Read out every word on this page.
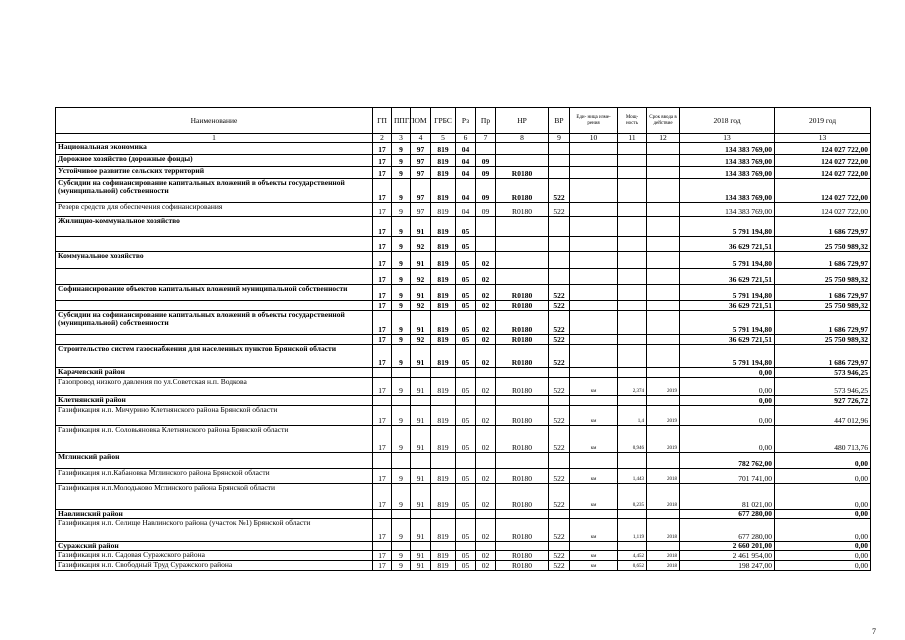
Наименование	ГП	ППГП	ОМ	ГРБС	Рз	Пр	НР	ВР	Еди- ница изме- рения	Мощ- ность	Срок ввода в действие	2018 год	2019 год
1	2	3	4	5	6	7	8	9	10	11	12	13	13
Национальная экономика	17	9	97	819	04							134 383 769,00	124 027 722,00
Дорожное хозяйство (дорожные фонды)	17	9	97	819	04	09						134 383 769,00	124 027 722,00
Устойчивое развитие сельских территорий	17	9	97	819	04	09	R0180					134 383 769,00	124 027 722,00
Субсидии на софинансирование капитальных вложений в объекты государственной (муниципальной) собственности	17	9	97	819	04	09	R0180	522				134 383 769,00	124 027 722,00
Резерв средств для обеспечения софинансирования	17	9	97	819	04	09	R0180	522				134 383 769,00	124 027 722,00
Жилищно-коммунальное хозяйство	17	9	91	819	05							5 791 194,80	1 686 729,97
	17	9	92	819	05							36 629 721,51	25 750 989,32
Коммунальное хозяйство	17	9	91	819	05	02						5 791 194,80	1 686 729,97
	17	9	92	819	05	02						36 629 721,51	25 750 989,32
Софинансирование объектов капитальных вложений муниципальной собственности	17	9	91	819	05	02	R0180	522				5 791 194,80	1 686 729,97
	17	9	92	819	05	02	R0180	522				36 629 721,51	25 750 989,32
Субсидии на софинансирование капитальных вложений в объекты государственной (муниципальной) собственности	17	9	91	819	05	02	R0180	522				5 791 194,80	1 686 729,97
	17	9	92	819	05	02	R0180	522				36 629 721,51	25 750 989,32
Строительство систем газоснабжения для населенных пунктов Брянской области	17	9	91	819	05	02	R0180	522				5 791 194,80	1 686 729,97
Карачевский район												0,00	573 946,25
Газопровод низкого давления по ул.Советская н.п. Водкова	17	9	91	819	05	02	R0180	522	км	2,374	2019	0,00	573 946,25
Клетнянский район												0,00	927 726,72
Газификация н.п. Мичурино Клетнянского района Брянской области	17	9	91	819	05	02	R0180	522	км	1,4	2019	0,00	447 012,96
Газификация н.п. Соловьяновка Клетнянского района Брянской области	17	9	91	819	05	02	R0180	522	км	0,946	2019	0,00	480 713,76
Мглинский район												782 762,00	0,00
Газификация н.п.Кабановка Мглинского района Брянской области	17	9	91	819	05	02	R0180	522	км	1,443	2018	701 741,00	0,00
Газификация н.п.Молодьково Мглинского района Брянской области	17	9	91	819	05	02	R0180	522	км	0,235	2018	81 021,00	0,00
Навлинский район												677 280,00	0,00
Газификация н.п. Селище Навлинского района (участок №1) Брянской области	17	9	91	819	05	02	R0180	522	км	1,119	2018	677 280,00	0,00
Суражский район												2 660 201,00	0,00
Газификация н.п. Садовая Суражского района	17	9	91	819	05	02	R0180	522	км	4,452	2018	2 461 954,00	0,00
Газификация н.п. Свободный Труд Суражского района	17	9	91	819	05	02	R0180	522	км	0,652	2018	198 247,00	0,00
7
